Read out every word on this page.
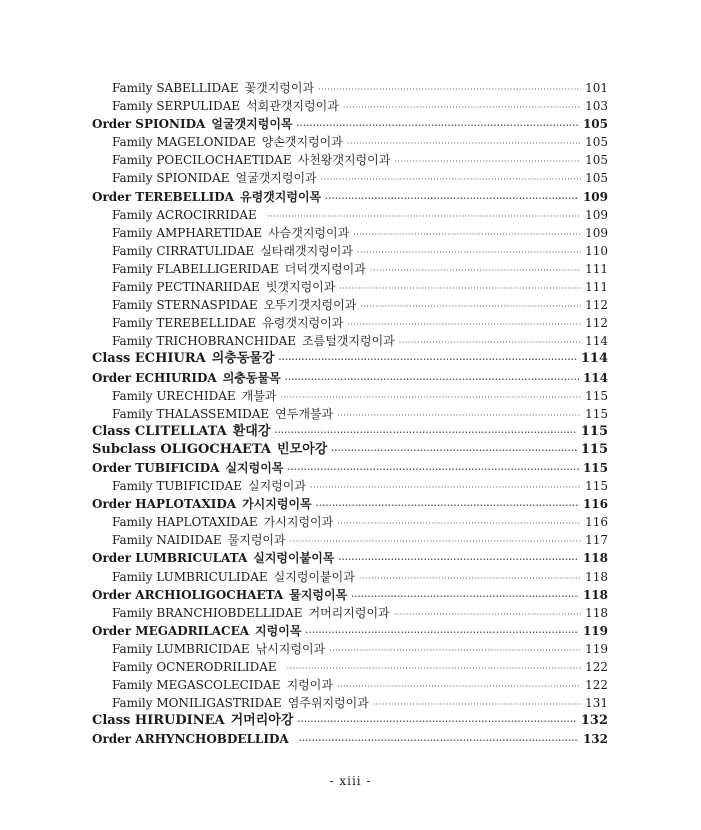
Family SABELLIDAE 꽃갯지렁이과 ·····	101
Family SERPULIDAE 석회관갯지렁이과 ·····	103
Order SPIONIDA 얼굴갯지렁이목 ·····	105
Family MAGELONIDAE 양손갯지렁이과 ·····	105
Family POECILOCHAETIDAE 사천왕갯지렁이과 ·····	105
Family SPIONIDAE 얼굴갯지렁이과 ·····	105
Order TEREBELLIDA 유령갯지렁이목 ·····	109
Family ACROCIRRIDAE ·····	109
Family AMPHARETIDAE 사슴갯지렁이과 ·····	109
Family CIRRATULIDAE 실타래갯지렁이과 ·····	110
Family FLABELLIGERIDAE 더덕갯지렁이과 ·····	111
Family PECTINARIIDAE 빗갯지렁이과 ·····	111
Family STERNASPIDAE 오뚜기갯지렁이과 ·····	112
Family TEREBELLIDAE 유령갯지렁이과 ·····	112
Family TRICHOBRANCHIDAE 조름털갯지렁이과 ·····	114
Class ECHIURA 의충동물강 ·····	114
Order ECHIURIDA 의충동물목 ·····	114
Family URECHIDAE 개불과 ·····	115
Family THALASSEMIDAE 연두개불과 ·····	115
Class CLITELLATA 환대강 ·····	115
Subclass OLIGOCHAETA 빈모아강 ·····	115
Order TUBIFICIDA 실지렁이목 ·····	115
Family TUBIFICIDAE 실지렁이과 ·····	115
Order HAPLOTAXIDA 가시지렁이목 ·····	116
Family HAPLOTAXIDAE 가시지렁이과 ·····	116
Family NAIDIDAE 물지렁이과 ·····	117
Order LUMBRICULATA 실지렁이붙이목 ·····	118
Family LUMBRICULIDAE 실지렁이붙이과 ·····	118
Order ARCHIOLIGOCHAETA 물지렁이목 ·····	118
Family BRANCHIOBDELLIDAE 거머리지렁이과 ·····	118
Order MEGADRILACEA 지렁이목 ·····	119
Family LUMBRICIDAE 낚시지렁이과 ·····	119
Family OCNERODRILIDAE ·····	122
Family MEGASCOLECIDAE 지렁이과 ·····	122
Family MONILIGASTRIDAE 염주위지렁이과 ·····	131
Class HIRUDINEA 거머리아강 ·····	132
Order ARHYNCHOBDELLIDA ·····	132
- xiii -
